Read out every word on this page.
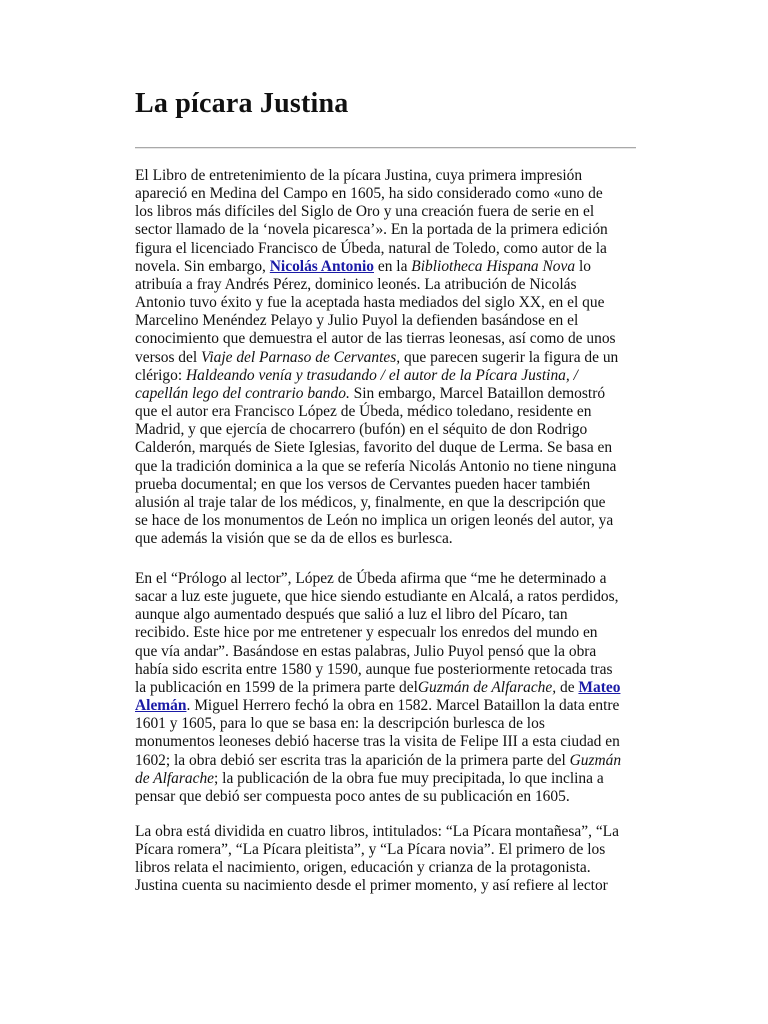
La pícara Justina

El Libro de entretenimiento de la pícara Justina, cuya primera impresión
apareció en Medina del Campo en 1605, ha sido considerado como «uno de
los libros más difíciles del Siglo de Oro y una creación fuera de serie en el
sector llamado de la ‘novela picaresca’». En la portada de la primera edición
figura el licenciado Francisco de Úbeda, natural de Toledo, como autor de la
novela. Sin embargo, Nicolás Antonio en la Bibliotheca Hispana Nova lo
atribuía a fray Andrés Pérez, dominico leonés. La atribución de Nicolás
Antonio tuvo éxito y fue la aceptada hasta mediados del siglo XX, en el que
Marcelino Menéndez Pelayo y Julio Puyol la defienden basándose en el
conocimiento que demuestra el autor de las tierras leonesas, así como de unos
versos del Viaje del Parnaso de Cervantes, que parecen sugerir la figura de un
clérigo: Haldeando venía y trasudando / el autor de la Pícara Justina, /
capellán lego del contrario bando. Sin embargo, Marcel Bataillon demostró
que el autor era Francisco López de Úbeda, médico toledano, residente en
Madrid, y que ejercía de chocarrero (bufón) en el séquito de don Rodrigo
Calderón, marqués de Siete Iglesias, favorito del duque de Lerma. Se basa en
que la tradición dominica a la que se refería Nicolás Antonio no tiene ninguna
prueba documental; en que los versos de Cervantes pueden hacer también
alusión al traje talar de los médicos, y, finalmente, en que la descripción que
se hace de los monumentos de León no implica un origen leonés del autor, ya
que además la visión que se da de ellos es burlesca.

En el “Prólogo al lector”, López de Úbeda afirma que “me he determinado a
sacar a luz este juguete, que hice siendo estudiante en Alcalá, a ratos perdidos,
aunque algo aumentado después que salió a luz el libro del Pícaro, tan
recibido. Este hice por me entretener y especualr los enredos del mundo en
que vía andar”. Basándose en estas palabras, Julio Puyol pensó que la obra
había sido escrita entre 1580 y 1590, aunque fue posteriormente retocada tras
la publicación en 1599 de la primera parte delGuzmán de Alfarache, de Mateo
Alemán. Miguel Herrero fechó la obra en 1582. Marcel Bataillon la data entre
1601 y 1605, para lo que se basa en: la descripción burlesca de los
monumentos leoneses debió hacerse tras la visita de Felipe III a esta ciudad en
1602; la obra debió ser escrita tras la aparición de la primera parte del Guzmán
de Alfarache; la publicación de la obra fue muy precipitada, lo que inclina a
pensar que debió ser compuesta poco antes de su publicación en 1605.

La obra está dividida en cuatro libros, intitulados: “La Pícara montañesa”, “La
Pícara romera”, “La Pícara pleitista”, y “La Pícara novia”. El primero de los
libros relata el nacimiento, origen, educación y crianza de la protagonista.
Justina cuenta su nacimiento desde el primer momento, y así refiere al lector
